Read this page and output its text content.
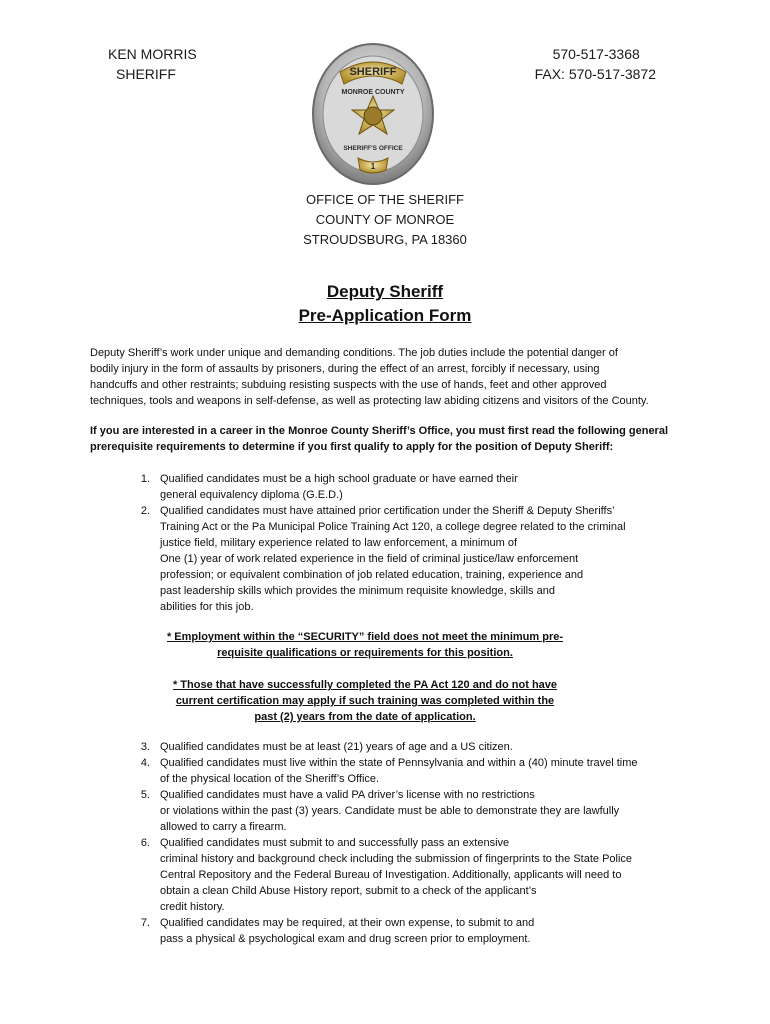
KEN MORRIS
SHERIFF
570-517-3368
FAX: 570-517-3872
SHERIFF
MONROE COUNTY
SHERIFF'S OFFICE
1
OFFICE OF THE SHERIFF
COUNTY OF MONROE
STROUDSBURG, PA 18360
Deputy Sheriff
Pre-Application Form
Deputy Sheriff’s work under unique and demanding conditions. The job duties include the potential danger of
bodily injury in the form of assaults by prisoners, during the effect of an arrest, forcibly if necessary, using
handcuffs and other restraints; subduing resisting suspects with the use of hands, feet and other approved
techniques, tools and weapons in self-defense, as well as protecting law abiding citizens and visitors of the County.
If you are interested in a career in the Monroe County Sheriff’s Office, you must first read the following general
prerequisite requirements to determine if you first qualify to apply for the position of Deputy Sheriff:
1. Qualified candidates must be a high school graduate or have earned their
general equivalency diploma (G.E.D.)
2. Qualified candidates must have attained prior certification under the Sheriff & Deputy Sheriffs’
Training Act or the Pa Municipal Police Training Act 120, a college degree related to the criminal
justice field, military experience related to law enforcement, a minimum of
One (1) year of work related experience in the field of criminal justice/law enforcement
profession; or equivalent combination of job related education, training, experience and
past leadership skills which provides the minimum requisite knowledge, skills and
abilities for this job.
* Employment within the “SECURITY” field does not meet the minimum pre-
requisite qualifications or requirements for this position.
* Those that have successfully completed the PA Act 120 and do not have
current certification may apply if such training was completed within the
past (2) years from the date of application.
3. Qualified candidates must be at least (21) years of age and a US citizen.
4. Qualified candidates must live within the state of Pennsylvania and within a (40) minute travel time
of the physical location of the Sheriff’s Office.
5. Qualified candidates must have a valid PA driver’s license with no restrictions
or violations within the past (3) years. Candidate must be able to demonstrate they are lawfully
allowed to carry a firearm.
6. Qualified candidates must submit to and successfully pass an extensive
criminal history and background check including the submission of fingerprints to the State Police
Central Repository and the Federal Bureau of Investigation. Additionally, applicants will need to
obtain a clean Child Abuse History report, submit to a check of the applicant’s
credit history.
7. Qualified candidates may be required, at their own expense, to submit to and
pass a physical & psychological exam and drug screen prior to employment.
